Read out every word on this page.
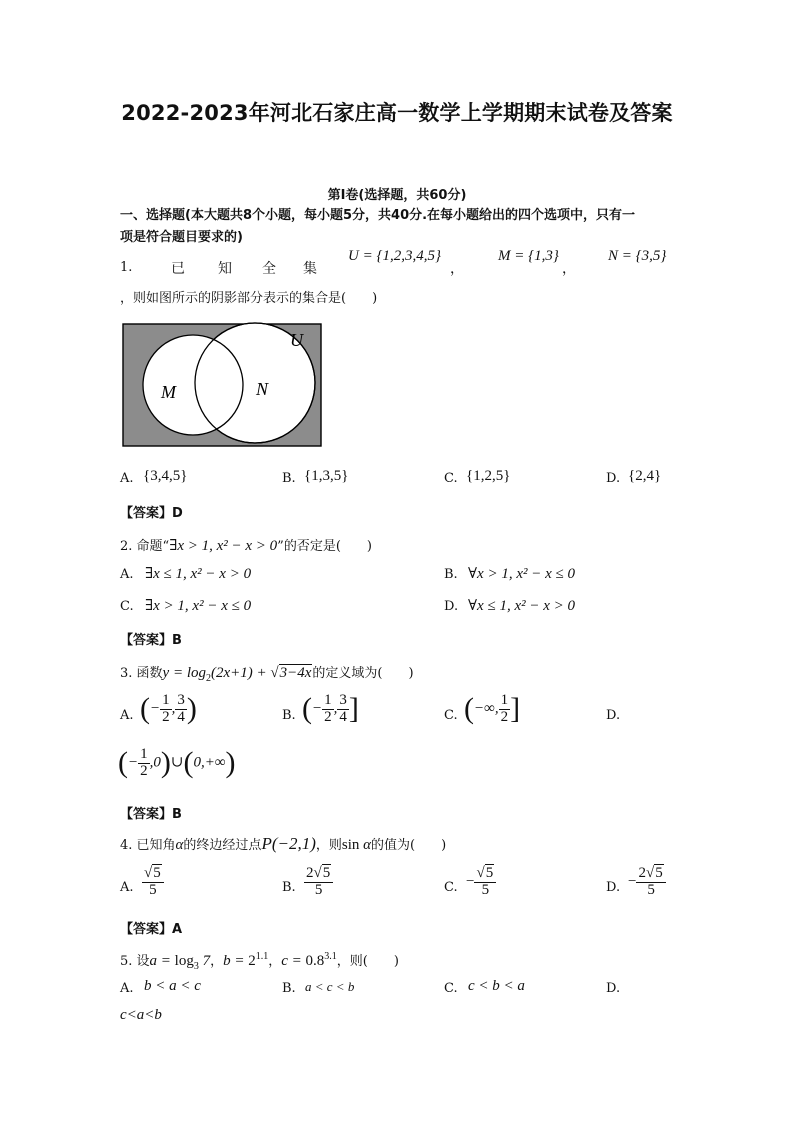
2022-2023年河北石家庄高一数学上学期期末试卷及答案
第I卷(选择题，共60分)
一、选择题(本大题共8个小题，每小题5分，共40分.在每小题给出的四个选项中，只有一
项是符合题目要求的)
1.	已 知 全 集
U = {1,2,3,4,5}
，
M = {1,3}
，
N = {3,5}
，则如图所示的阴影部分表示的集合是(　　)
U
M	N
A. {3,4,5}	B. {1,3,5}	C. {1,2,5}	D. {2,4}
【答案】D
2. 命题“∃x > 1, x² − x > 0”的否定是(　　)
A. ∃x ≤ 1, x² − x > 0	B. ∀x > 1, x² − x ≤ 0
C. ∃x > 1, x² − x ≤ 0	D. ∀x ≤ 1, x² − x > 0
【答案】B
3. 函数$y = \log_2(2x+1) + √3-4x$的定义域为(　　)
A. (− $\frac{1}{2}$ , $\frac{3}{4}$ )	B. (− $\frac{1}{2}$ , $\frac{3}{4}$ ]	C. (−∞, $\frac{1}{2}$ ]	D.
(− $\frac{1}{2}$ ,0)∪(0,+∞)
【答案】B
4. 已知角α的终边经过点P(−2,1)，则sin α的值为(　　)
A. $\frac{√5}{5}$	B. $\frac{2√5}{5}$	C. − $\frac{√5}{5}$	D. − $\frac{2√5}{5}$
【答案】A
5. 设$a = \log_3 7$，$b = 2^{1.1}$，$c = 0.8^{3.1}$，则(　　)
A. b < a < c	B. a < c < b	C. c < b < a	D.
c<a<b
